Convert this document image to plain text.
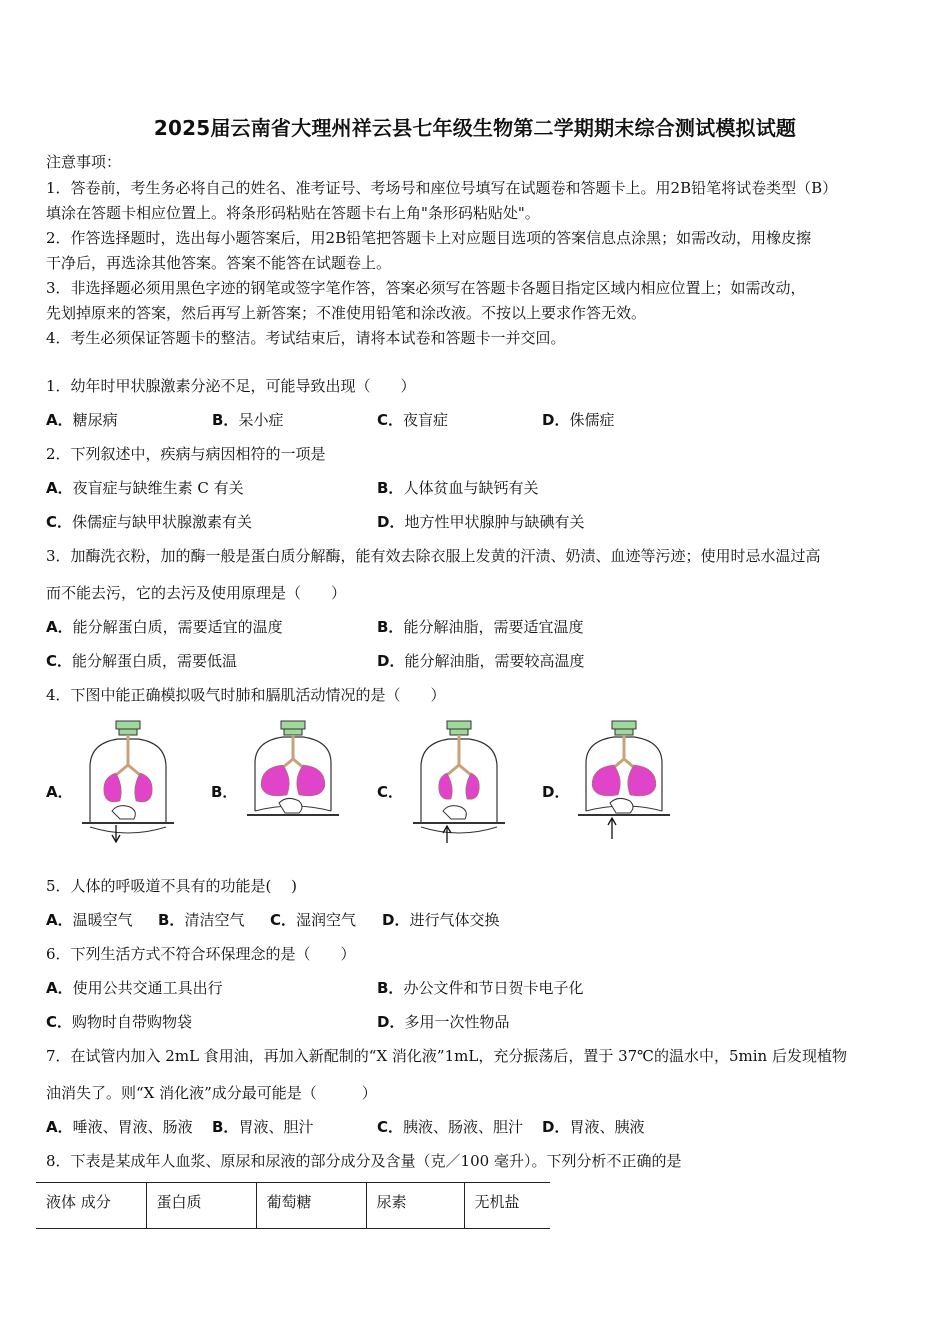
2025届云南省大理州祥云县七年级生物第二学期期末综合测试模拟试题
注意事项：
1．答卷前，考生务必将自己的姓名、准考证号、考场号和座位号填写在试题卷和答题卡上。用2B铅笔将试卷类型（B）
填涂在答题卡相应位置上。将条形码粘贴在答题卡右上角"条形码粘贴处"。
2．作答选择题时，选出每小题答案后，用2B铅笔把答题卡上对应题目选项的答案信息点涂黑；如需改动，用橡皮擦
干净后，再选涂其他答案。答案不能答在试题卷上。
3．非选择题必须用黑色字迹的钢笔或签字笔作答，答案必须写在答题卡各题目指定区域内相应位置上；如需改动，
先划掉原来的答案，然后再写上新答案；不准使用铅笔和涂改液。不按以上要求作答无效。
4．考生必须保证答题卡的整洁。考试结束后，请将本试卷和答题卡一并交回。
1．幼年时甲状腺激素分泌不足，可能导致出现（　　）
A．糖尿病	B．呆小症	C．夜盲症	D．侏儒症
2．下列叙述中，疾病与病因相符的一项是
A．夜盲症与缺维生素 C 有关	B．人体贫血与缺钙有关
C．侏儒症与缺甲状腺激素有关	D．地方性甲状腺肿与缺碘有关
3．加酶洗衣粉，加的酶一般是蛋白质分解酶，能有效去除衣服上发黄的汗渍、奶渍、血迹等污迹；使用时忌水温过高
而不能去污，它的去污及使用原理是（　　）
A．能分解蛋白质，需要适宜的温度	B．能分解油脂，需要适宜温度
C．能分解蛋白质，需要低温	D．能分解油脂，需要较高温度
4．下图中能正确模拟吸气时肺和膈肌活动情况的是（　　）
A．	B．	C．	D．
5．人体的呼吸道不具有的功能是(　 )
A．温暖空气 B．清洁空气 C．湿润空气 D．进行气体交换
6．下列生活方式不符合环保理念的是（　　）
A．使用公共交通工具出行	B．办公文件和节日贺卡电子化
C．购物时自带购物袋	D．多用一次性物品
7．在试管内加入 2mL 食用油，再加入新配制的“X 消化液”1mL，充分振荡后，置于 37℃的温水中，5min 后发现植物
油消失了。则“X 消化液”成分最可能是（　　　）
A．唾液、胃液、肠液 B．胃液、胆汁	C．胰液、肠液、胆汁 D．胃液、胰液
8．下表是某成年人血浆、原尿和尿液的部分成分及含量（克／100 毫升）。下列分析不正确的是
液体 成分	蛋白质	葡萄糖	尿素	无机盐
